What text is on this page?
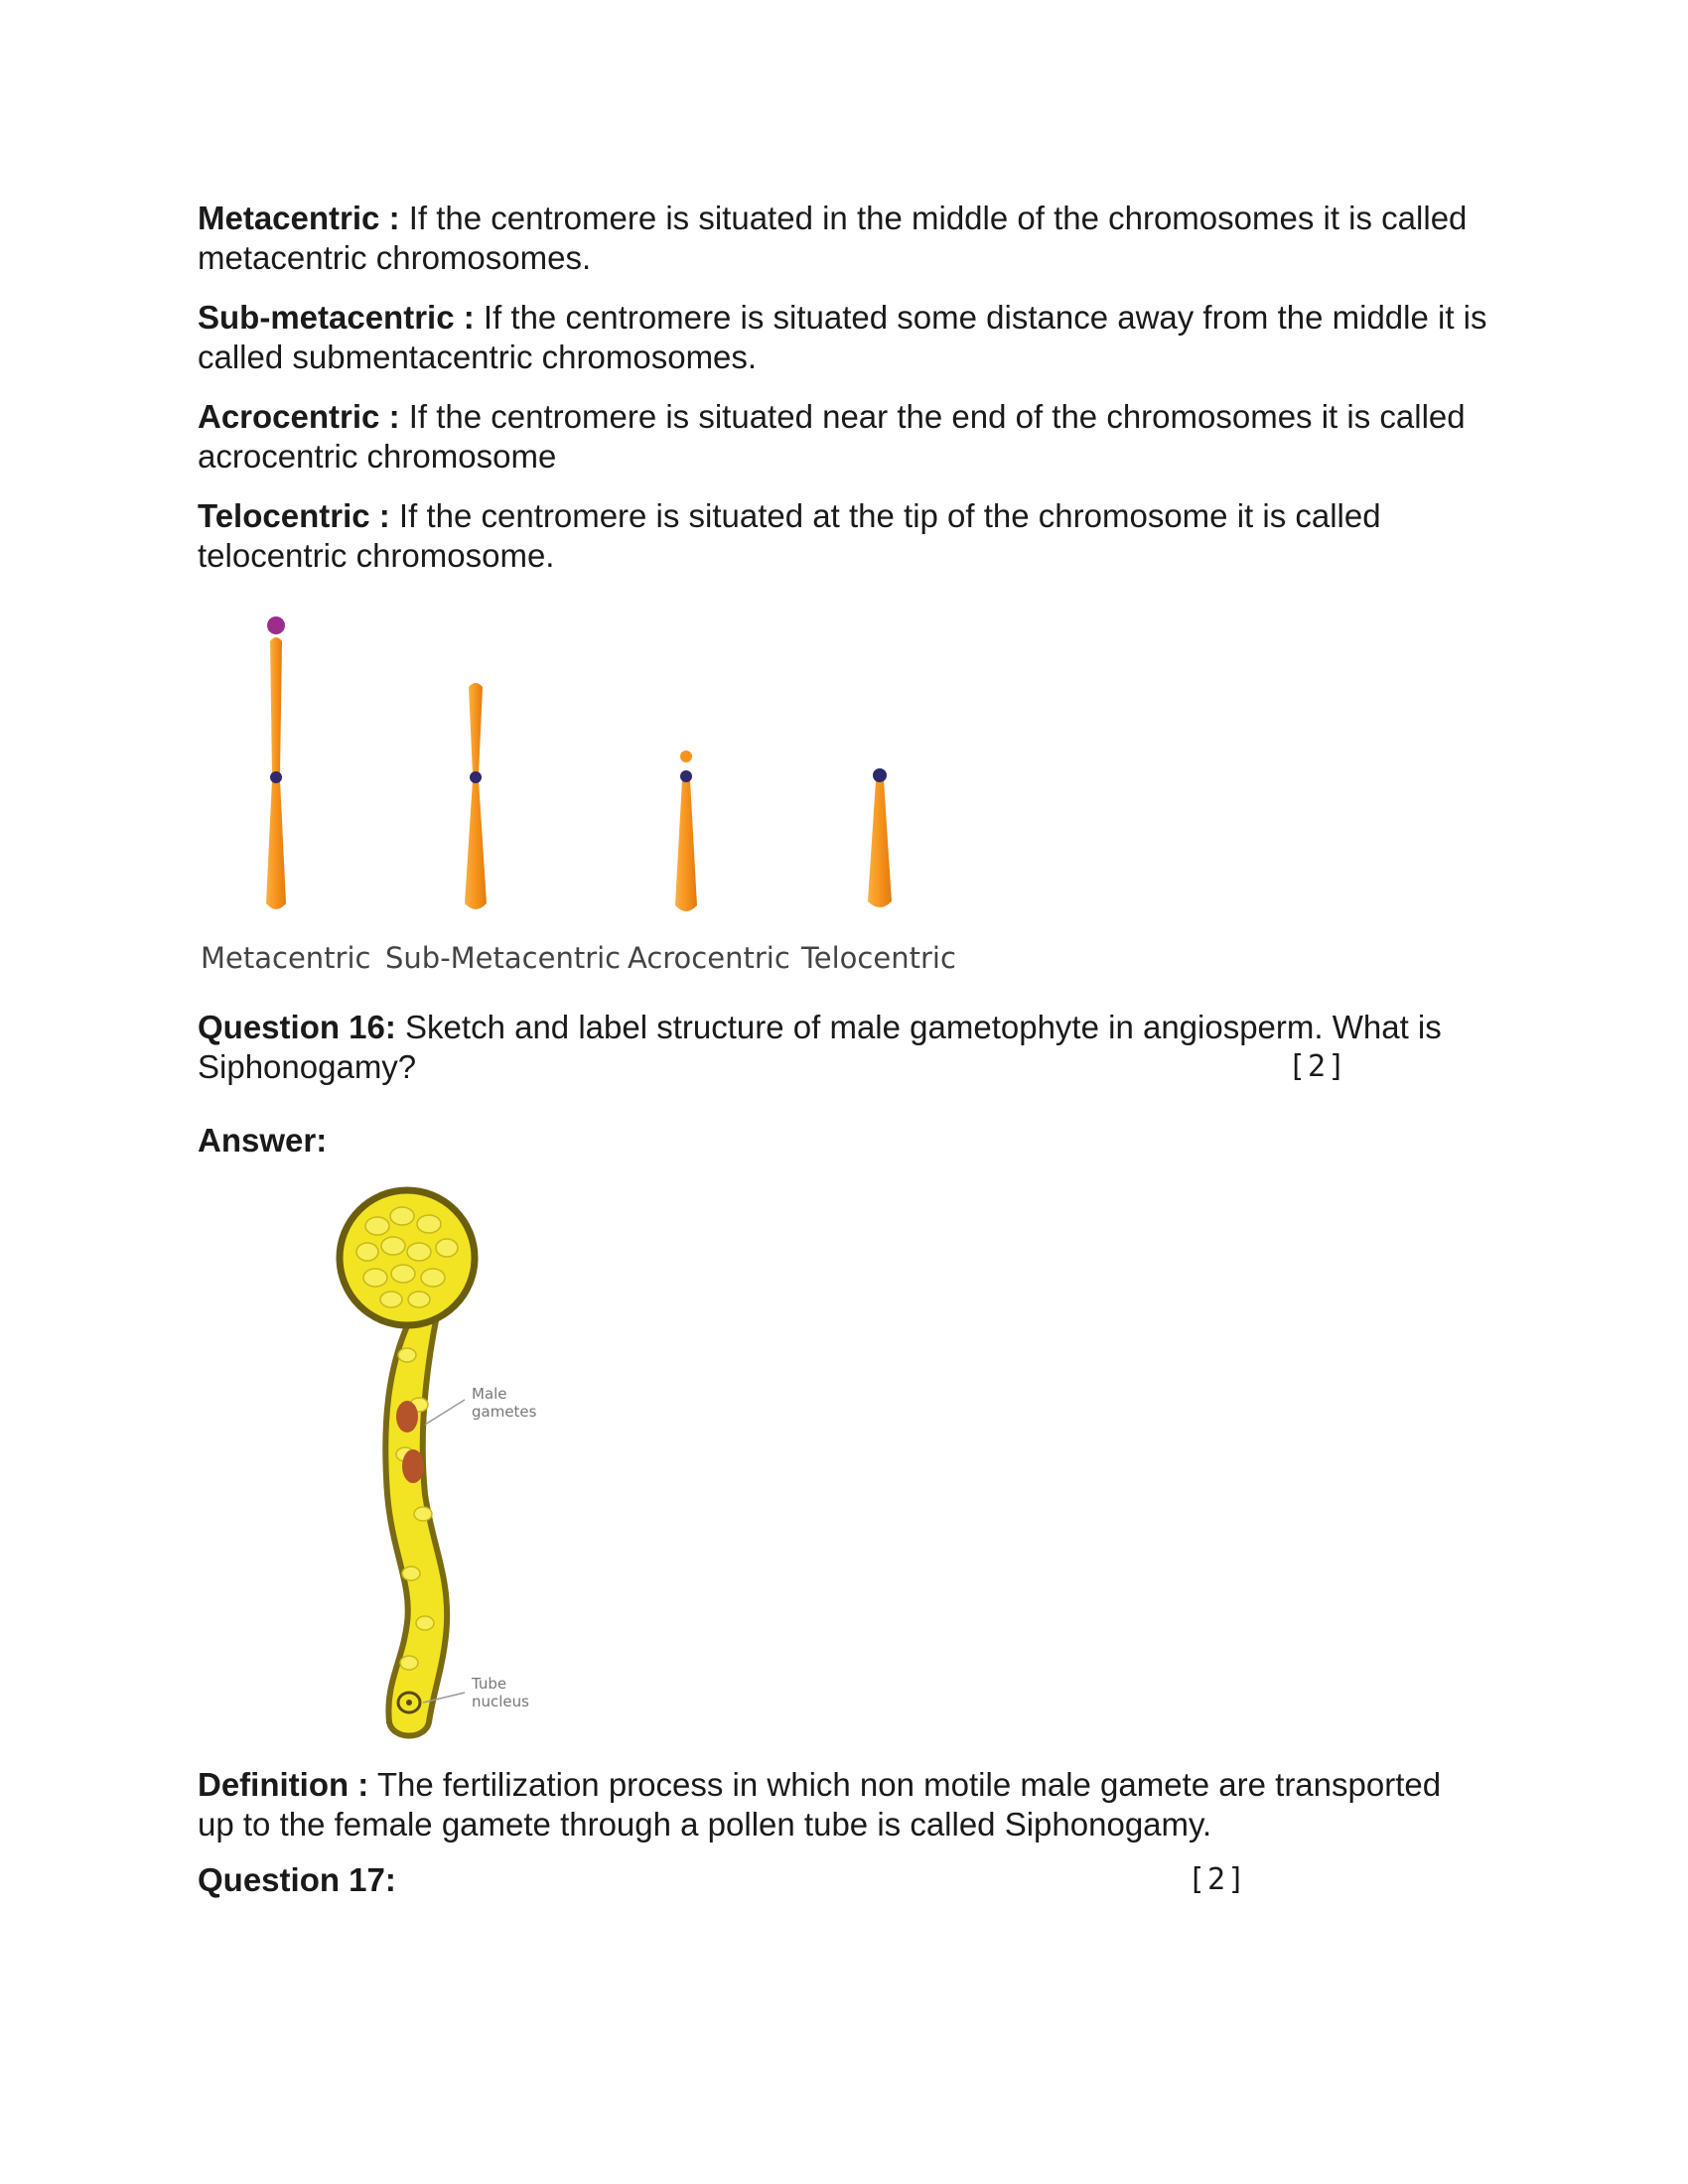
Metacentric : If the centromere is situated in the middle of the chromosomes it is called metacentric chromosomes.

Sub-metacentric : If the centromere is situated some distance away from the middle it is called submentacentric chromosomes.

Acrocentric : If the centromere is situated near the end of the chromosomes it is called acrocentric chromosome

Telocentric : If the centromere is situated at the tip of the chromosome it is called telocentric chromosome.

Metacentric Sub-Metacentric Acrocentric Telocentric

Question 16: Sketch and label structure of male gametophyte in angiosperm. What is Siphonogamy?	[2]

Answer:

Male
gametes
Tube
nucleus

Definition : The fertilization process in which non motile male gamete are transported up to the female gamete through a pollen tube is called Siphonogamy.

Question 17:	[2]
